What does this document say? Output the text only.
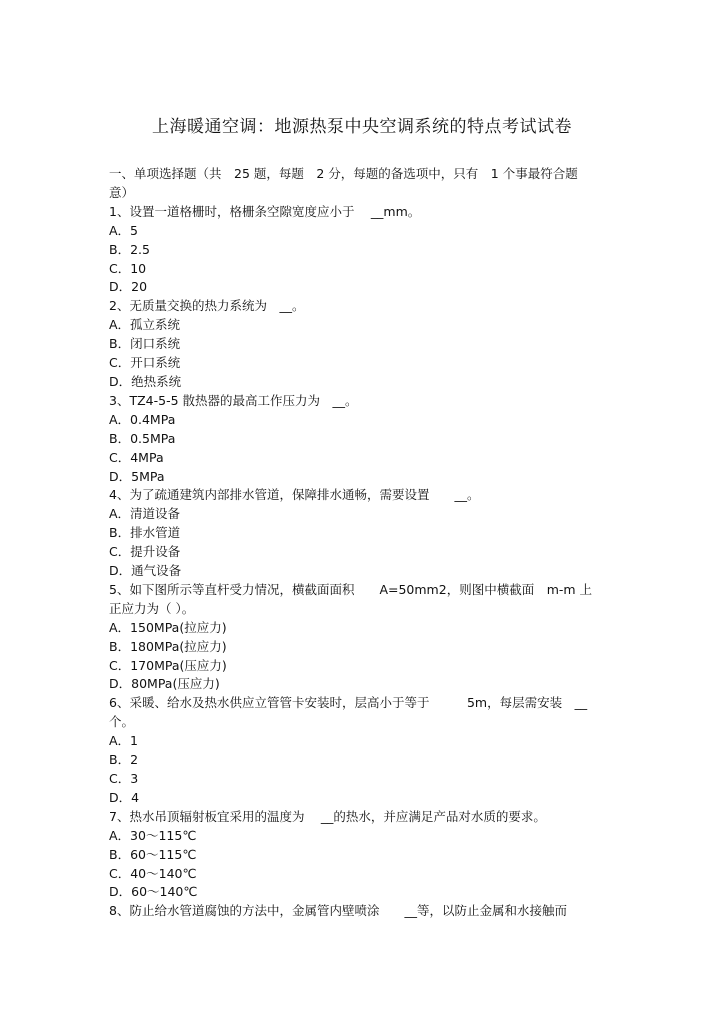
上海暖通空调：地源热泵中央空调系统的特点考试试卷
一、单项选择题（共　25 题，每题　2 分，每题的备选项中，只有　1 个事最符合题
意）
1、设置一道格栅时，格栅条空隙宽度应小于　 __mm。
A．5
B．2.5
C．10
D．20
2、无质量交换的热力系统为　__。
A．孤立系统
B．闭口系统
C．开口系统
D．绝热系统
3、TZ4-5-5 散热器的最高工作压力为　__。
A．0.4MPa
B．0.5MPa
C．4MPa
D．5MPa
4、为了疏通建筑内部排水管道，保障排水通畅，需要设置　　__。
A．清道设备
B．排水管道
C．提升设备
D．通气设备
5、如下图所示等直杆受力情况，横截面面积　　A=50mm2，则图中横截面　m-m 上
正应力为（ ）。
A．150MPa(拉应力)
B．180MPa(拉应力)
C．170MPa(压应力)
D．80MPa(压应力)
6、采暖、给水及热水供应立管管卡安装时，层高小于等于　　　5m，每层需安装　__
个。
A．1
B．2
C．3
D．4
7、热水吊顶辐射板宜采用的温度为　 __的热水，并应满足产品对水质的要求。
A．30～115℃
B．60～115℃
C．40～140℃
D．60～140℃
8、防止给水管道腐蚀的方法中，金属管内壁喷涂　　__等，以防止金属和水接触而
